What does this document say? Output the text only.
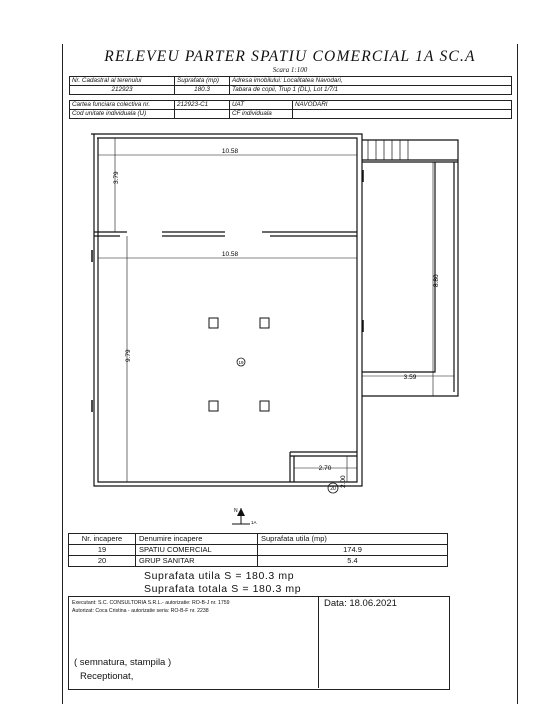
RELEVEU PARTER SPATIU COMERCIAL 1A SC.A
Scara 1:100
Nr. Cadastral al terenului	Suprafata (mp)	Adresa imobilului: Localitatea Navodari,
212923	180.3	Tabara de copii, Trup 1 (DL), Lot 1/7/1
Cartea funciara colectiva nr.	212923-C1	UAT	NAVODARI
Cod unitate individuala (U)		CF individuala	
10.58
3.79
10.58
9.79
8.80
3.59
2.70
2.00
19
20
N
1A
Nr. incapere	Denumire incapere	Suprafata utila (mp)
19	SPATIU COMERCIAL	174.9
20	GRUP SANITAR	5.4
Suprafata utila S = 180.3 mp
Suprafata totala S = 180.3 mp
Executant: S.C. CONSULTORIA S.R.L.- autorizatie: RO-B-J nr. 1759
Autorizat: Coca Cristina - autorizatie seria: RO-B-F nr. 2238
Data: 18.06.2021
( semnatura, stampila )
Receptionat,
